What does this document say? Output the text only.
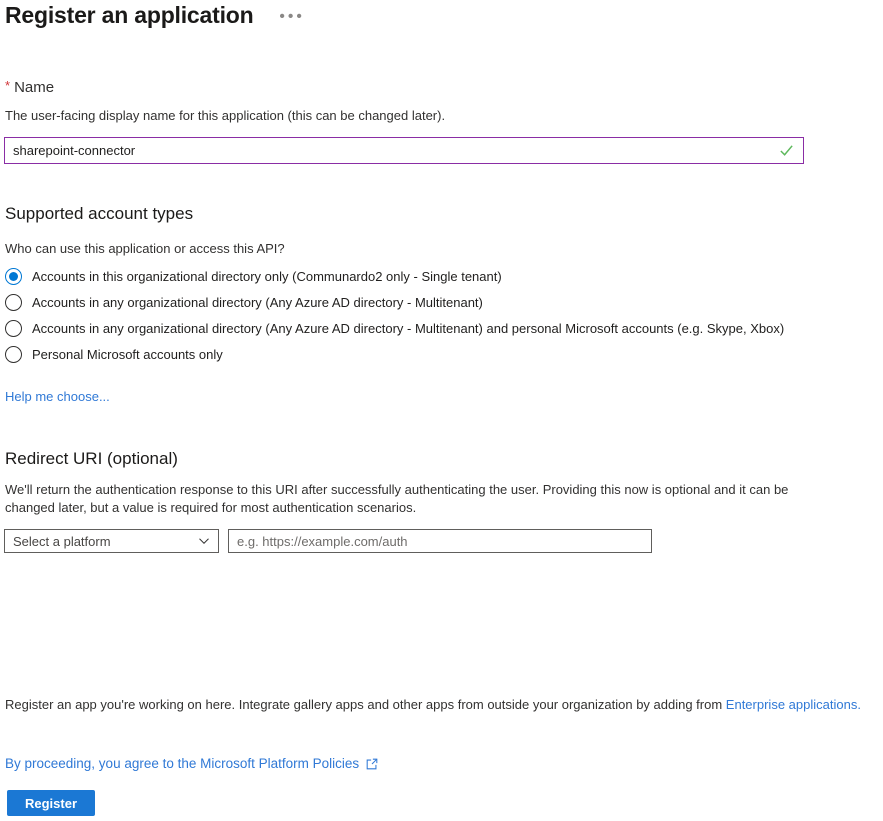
Register an application • • •
* Name
The user-facing display name for this application (this can be changed later).
sharepoint-connector
Supported account types
Who can use this application or access this API?
Accounts in this organizational directory only (Communardo2 only - Single tenant)
Accounts in any organizational directory (Any Azure AD directory - Multitenant)
Accounts in any organizational directory (Any Azure AD directory - Multitenant) and personal Microsoft accounts (e.g. Skype, Xbox)
Personal Microsoft accounts only
Help me choose...
Redirect URI (optional)
We'll return the authentication response to this URI after successfully authenticating the user. Providing this now is optional and it can be changed later, but a value is required for most authentication scenarios.
Select a platform
e.g. https://example.com/auth
Register an app you're working on here. Integrate gallery apps and other apps from outside your organization by adding from Enterprise applications.
By proceeding, you agree to the Microsoft Platform Policies
Register
